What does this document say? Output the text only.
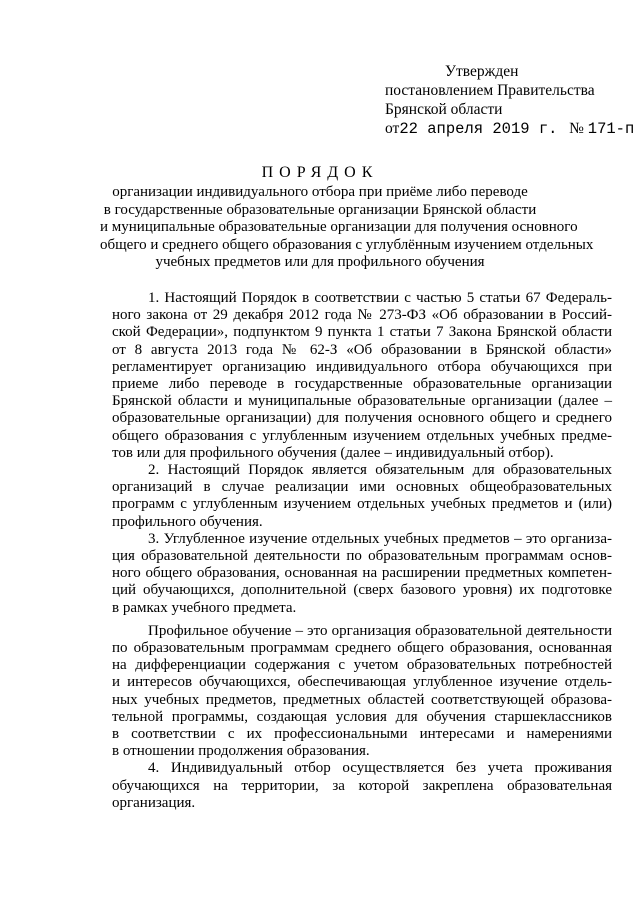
Утвержден
постановлением Правительства
Брянской области
от22 апреля 2019 г. № 171-п
ПОРЯДОК
организации индивидуального отбора при приёме либо переводе
в государственные образовательные организации Брянской области
и муниципальные образовательные организации для получения основного
общего и среднего общего образования с углублённым изучением отдельных
учебных предметов или для профильного обучения
1. Настоящий Порядок в соответствии с частью 5 статьи 67 Федераль-
ного закона от 29 декабря 2012 года № 273-ФЗ «Об образовании в Россий-
ской Федерации», подпунктом 9 пункта 1 статьи 7 Закона Брянской области
от 8 августа 2013 года № 62-З «Об образовании в Брянской области»
регламентирует организацию индивидуального отбора обучающихся при
приеме либо переводе в государственные образовательные организации
Брянской области и муниципальные образовательные организации (далее –
образовательные организации) для получения основного общего и среднего
общего образования с углубленным изучением отдельных учебных предме-
тов или для профильного обучения (далее – индивидуальный отбор).
2. Настоящий Порядок является обязательным для образовательных
организаций в случае реализации ими основных общеобразовательных
программ с углубленным изучением отдельных учебных предметов и (или)
профильного обучения.
3. Углубленное изучение отдельных учебных предметов – это организа-
ция образовательной деятельности по образовательным программам основ-
ного общего образования, основанная на расширении предметных компетен-
ций обучающихся, дополнительной (сверх базового уровня) их подготовке
в рамках учебного предмета.
Профильное обучение – это организация образовательной деятельности
по образовательным программам среднего общего образования, основанная
на дифференциации содержания с учетом образовательных потребностей
и интересов обучающихся, обеспечивающая углубленное изучение отдель-
ных учебных предметов, предметных областей соответствующей образова-
тельной программы, создающая условия для обучения старшеклассников
в соответствии с их профессиональными интересами и намерениями
в отношении продолжения образования.
4. Индивидуальный отбор осуществляется без учета проживания
обучающихся на территории, за которой закреплена образовательная
организация.
